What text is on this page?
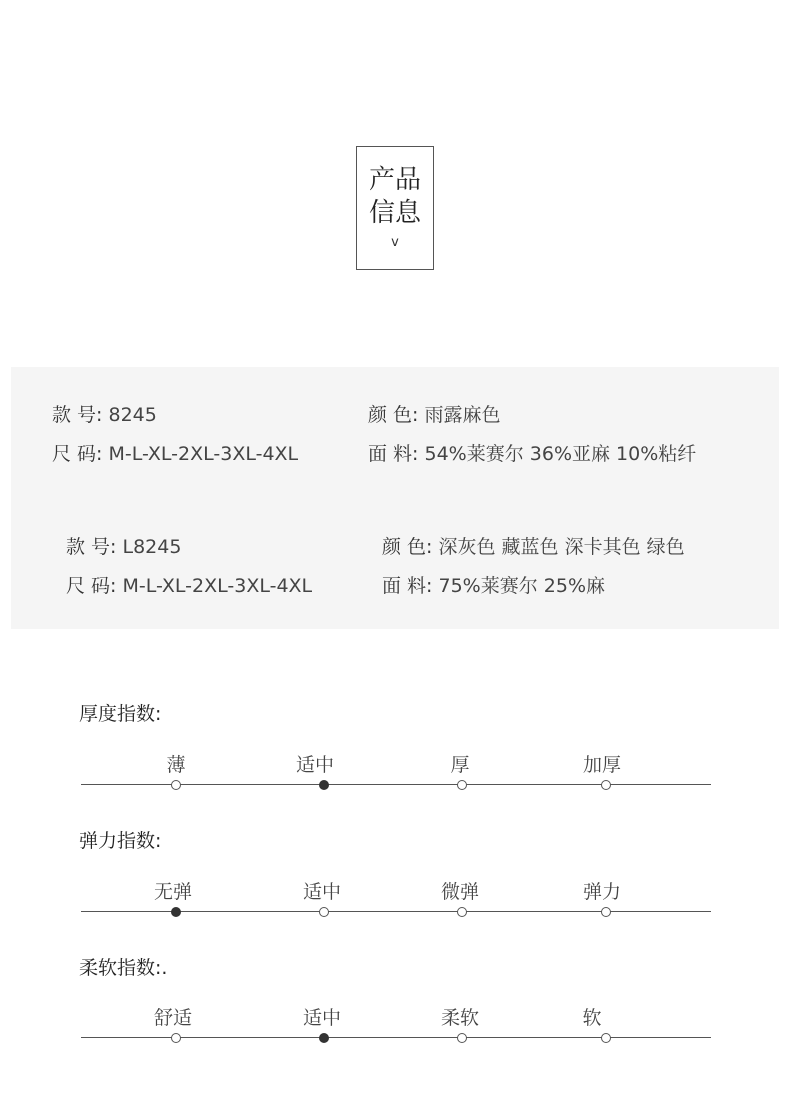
产品
信息
v
款 号: 8245
尺 码: M-L-XL-2XL-3XL-4XL
颜 色: 雨露麻色
面 料: 54%莱赛尔 36%亚麻 10%粘纤
款 号: L8245
尺 码: M-L-XL-2XL-3XL-4XL
颜 色: 深灰色 藏蓝色 深卡其色 绿色
面 料: 75%莱赛尔 25%麻
厚度指数:
薄	适中	厚	加厚
弹力指数:
无弹	适中	微弹	弹力
柔软指数:.
舒适	适中	柔软	软
